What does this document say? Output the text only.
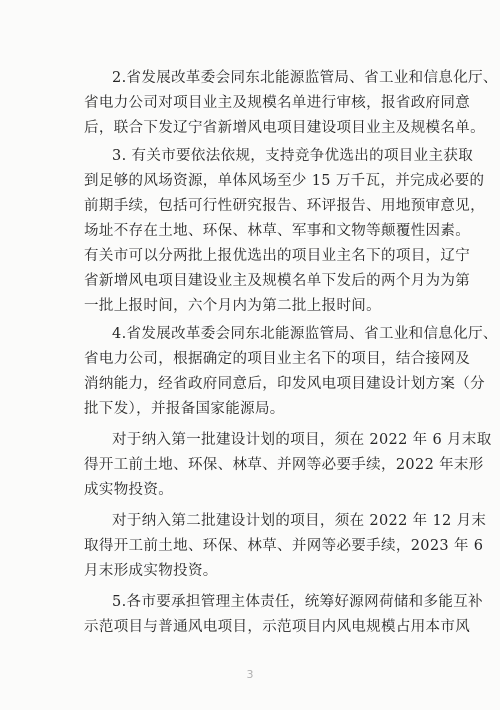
2.省发展改革委会同东北能源监管局、省工业和信息化厅、
省电力公司对项目业主及规模名单进行审核，报省政府同意
后，联合下发辽宁省新增风电项目建设项目业主及规模名单。
3. 有关市要依法依规，支持竞争优选出的项目业主获取
到足够的风场资源，单体风场至少 15 万千瓦，并完成必要的
前期手续，包括可行性研究报告、环评报告、用地预审意见，
场址不存在土地、环保、林草、军事和文物等颠覆性因素。
有关市可以分两批上报优选出的项目业主名下的项目，辽宁
省新增风电项目建设业主及规模名单下发后的两个月为为第
一批上报时间，六个月内为第二批上报时间。
4.省发展改革委会同东北能源监管局、省工业和信息化厅、
省电力公司，根据确定的项目业主名下的项目，结合接网及
消纳能力，经省政府同意后，印发风电项目建设计划方案（分
批下发），并报备国家能源局。
对于纳入第一批建设计划的项目，须在 2022 年 6 月末取
得开工前土地、环保、林草、并网等必要手续，2022 年末形
成实物投资。
对于纳入第二批建设计划的项目，须在 2022 年 12 月末
取得开工前土地、环保、林草、并网等必要手续，2023 年 6
月末形成实物投资。
5.各市要承担管理主体责任，统筹好源网荷储和多能互补
示范项目与普通风电项目，示范项目内风电规模占用本市风
3
